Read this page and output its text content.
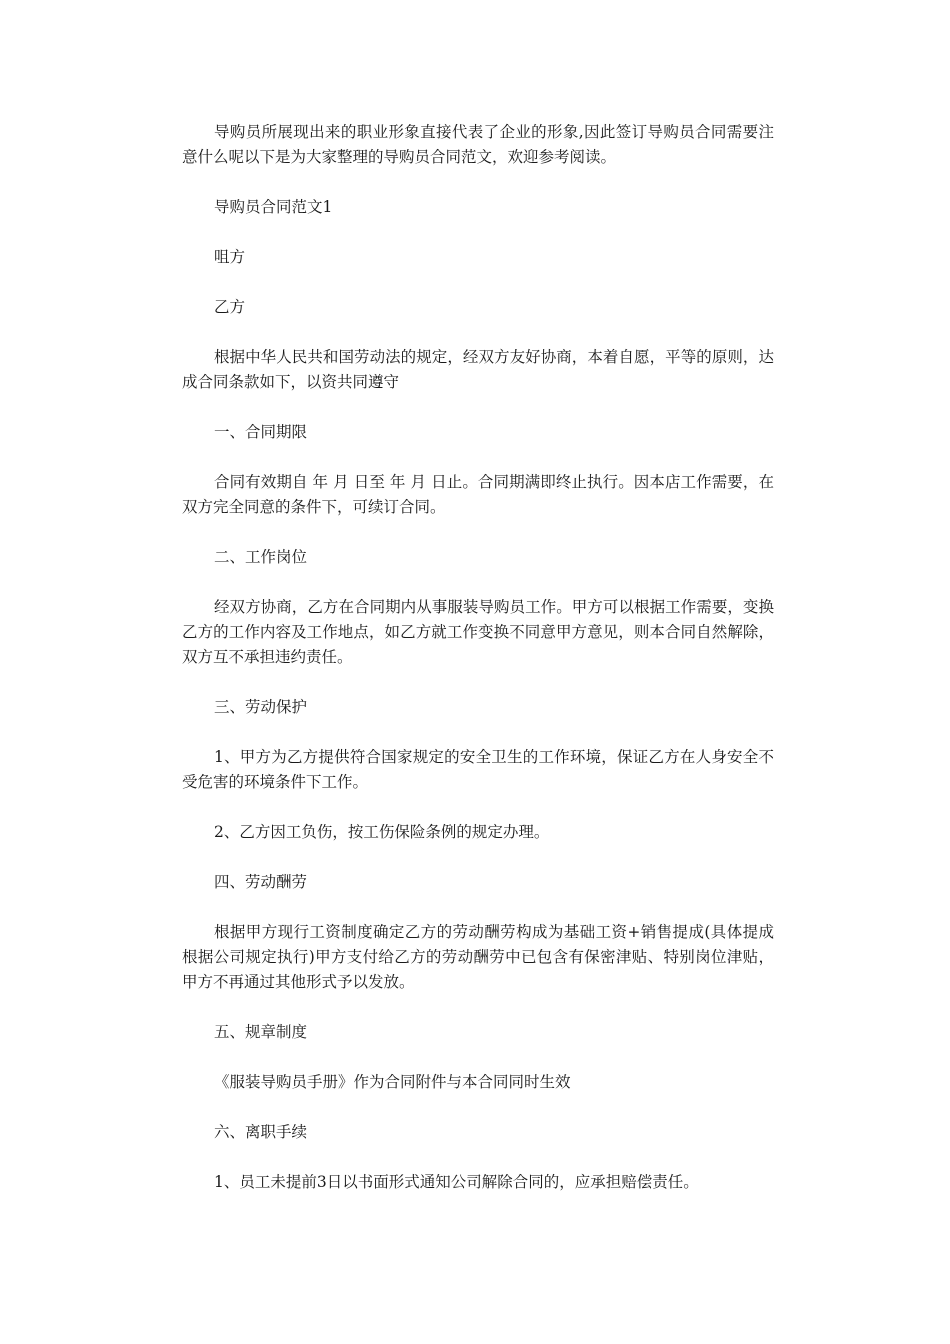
导购员所展现出来的职业形象直接代表了企业的形象,因此签订导购员合同需要注意什么呢以下是为大家整理的导购员合同范文，欢迎参考阅读。

导购员合同范文1

咀方

乙方

根据中华人民共和国劳动法的规定，经双方友好协商，本着自愿，平等的原则，达成合同条款如下，以资共同遵守

一、合同期限

合同有效期自 年 月 日至 年 月 日止。合同期满即终止执行。因本店工作需要，在双方完全同意的条件下，可续订合同。

二、工作岗位

经双方协商，乙方在合同期内从事服装导购员工作。甲方可以根据工作需要，变换乙方的工作内容及工作地点，如乙方就工作变换不同意甲方意见，则本合同自然解除，双方互不承担违约责任。

三、劳动保护

1、甲方为乙方提供符合国家规定的安全卫生的工作环境，保证乙方在人身安全不受危害的环境条件下工作。

2、乙方因工负伤，按工伤保险条例的规定办理。

四、劳动酬劳

根据甲方现行工资制度确定乙方的劳动酬劳构成为基础工资+销售提成(具体提成根据公司规定执行)甲方支付给乙方的劳动酬劳中已包含有保密津贴、特别岗位津贴，甲方不再通过其他形式予以发放。

五、规章制度

《服装导购员手册》作为合同附件与本合同同时生效

六、离职手续

1、员工未提前3日以书面形式通知公司解除合同的，应承担赔偿责任。
